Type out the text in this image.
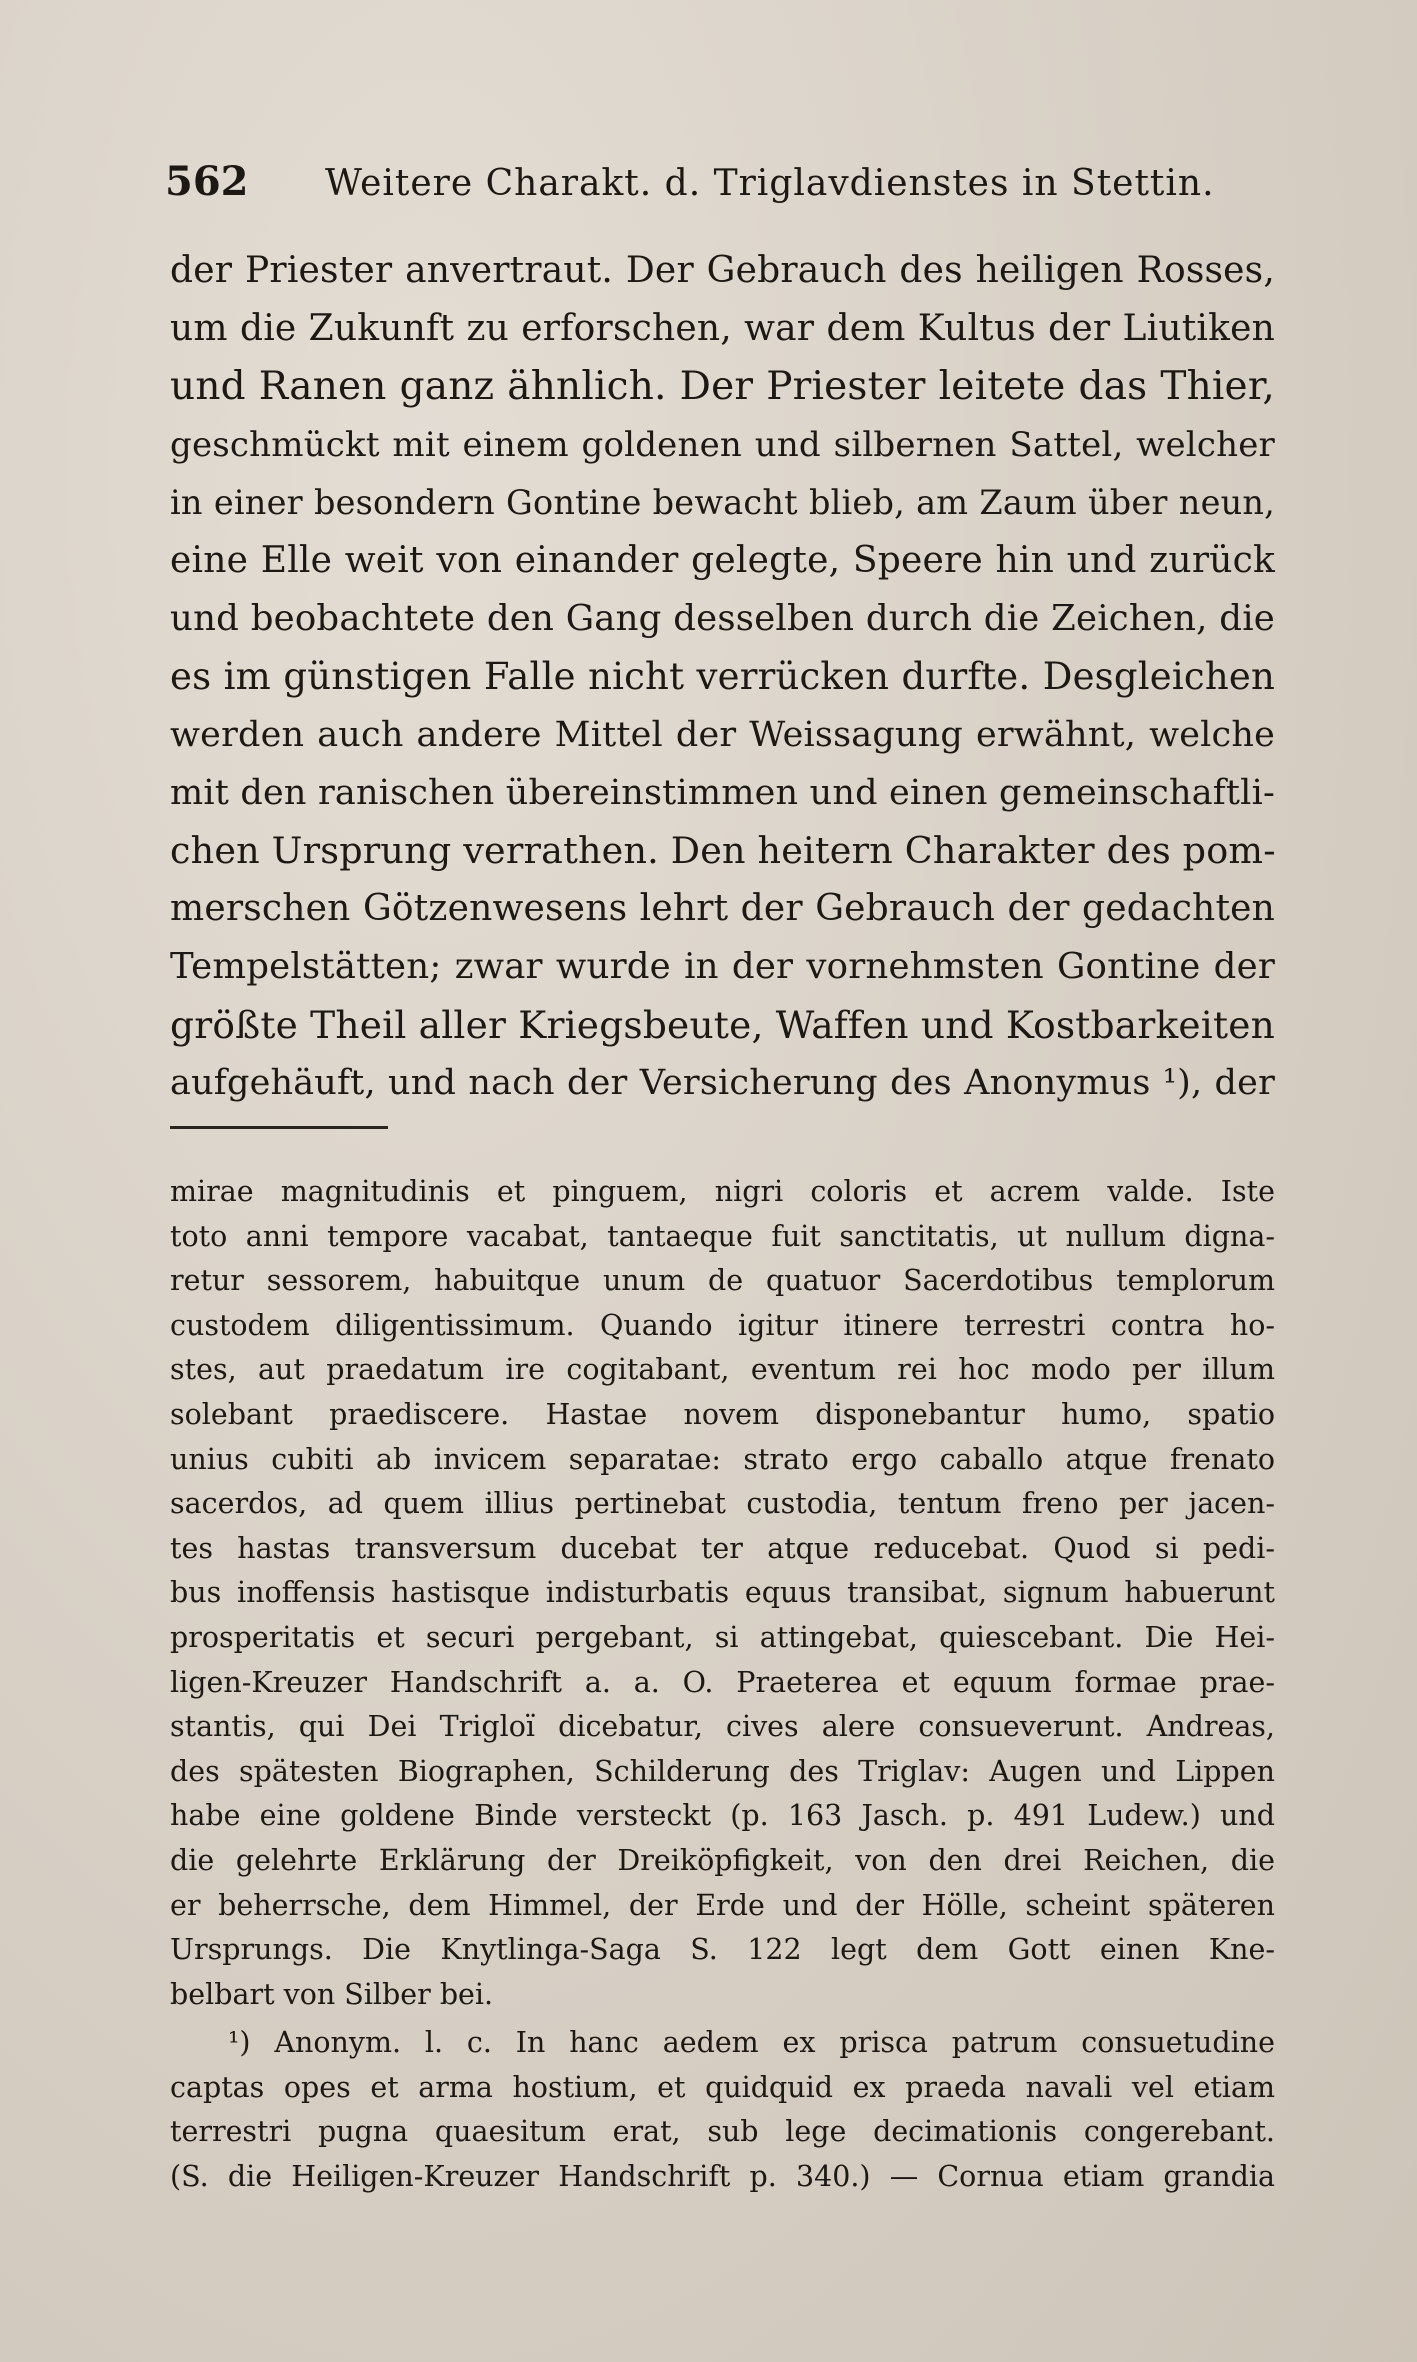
562	Weitere Charakt. d. Triglavdienstes in Stettin.
der Priester anvertraut. Der Gebrauch des heiligen Rosses,
um die Zukunft zu erforschen, war dem Kultus der Liutiken
und Ranen ganz ähnlich. Der Priester leitete das Thier,
geschmückt mit einem goldenen und silbernen Sattel, welcher
in einer besondern Gontine bewacht blieb, am Zaum über neun,
eine Elle weit von einander gelegte, Speere hin und zurück
und beobachtete den Gang desselben durch die Zeichen, die
es im günstigen Falle nicht verrücken durfte. Desgleichen
werden auch andere Mittel der Weissagung erwähnt, welche
mit den ranischen übereinstimmen und einen gemeinschaftli-
chen Ursprung verrathen. Den heitern Charakter des pom-
merschen Götzenwesens lehrt der Gebrauch der gedachten
Tempelstätten; zwar wurde in der vornehmsten Gontine der
größte Theil aller Kriegsbeute, Waffen und Kostbarkeiten
aufgehäuft, und nach der Versicherung des Anonymus ¹), der
mirae magnitudinis et pinguem, nigri coloris et acrem valde. Iste
toto anni tempore vacabat, tantaeque fuit sanctitatis, ut nullum digna-
retur sessorem, habuitque unum de quatuor Sacerdotibus templorum
custodem diligentissimum. Quando igitur itinere terrestri contra ho-
stes, aut praedatum ire cogitabant, eventum rei hoc modo per illum
solebant praediscere. Hastae novem disponebantur humo, spatio
unius cubiti ab invicem separatae: strato ergo caballo atque frenato
sacerdos, ad quem illius pertinebat custodia, tentum freno per jacen-
tes hastas transversum ducebat ter atque reducebat. Quod si pedi-
bus inoffensis hastisque indisturbatis equus transibat, signum habuerunt
prosperitatis et securi pergebant, si attingebat, quiescebant. Die Hei-
ligen-Kreuzer Handschrift a. a. O. Praeterea et equum formae prae-
stantis, qui Dei Trigloï dicebatur, cives alere consueverunt. Andreas,
des spätesten Biographen, Schilderung des Triglav: Augen und Lippen
habe eine goldene Binde versteckt (p. 163 Jasch. p. 491 Ludew.) und
die gelehrte Erklärung der Dreiköpfigkeit, von den drei Reichen, die
er beherrsche, dem Himmel, der Erde und der Hölle, scheint späteren
Ursprungs. Die Knytlinga-Saga S. 122 legt dem Gott einen Kne-
belbart von Silber bei.
¹) Anonym. l. c. In hanc aedem ex prisca patrum consuetudine
captas opes et arma hostium, et quidquid ex praeda navali vel etiam
terrestri pugna quaesitum erat, sub lege decimationis congerebant.
(S. die Heiligen-Kreuzer Handschrift p. 340.) — Cornua etiam grandia
